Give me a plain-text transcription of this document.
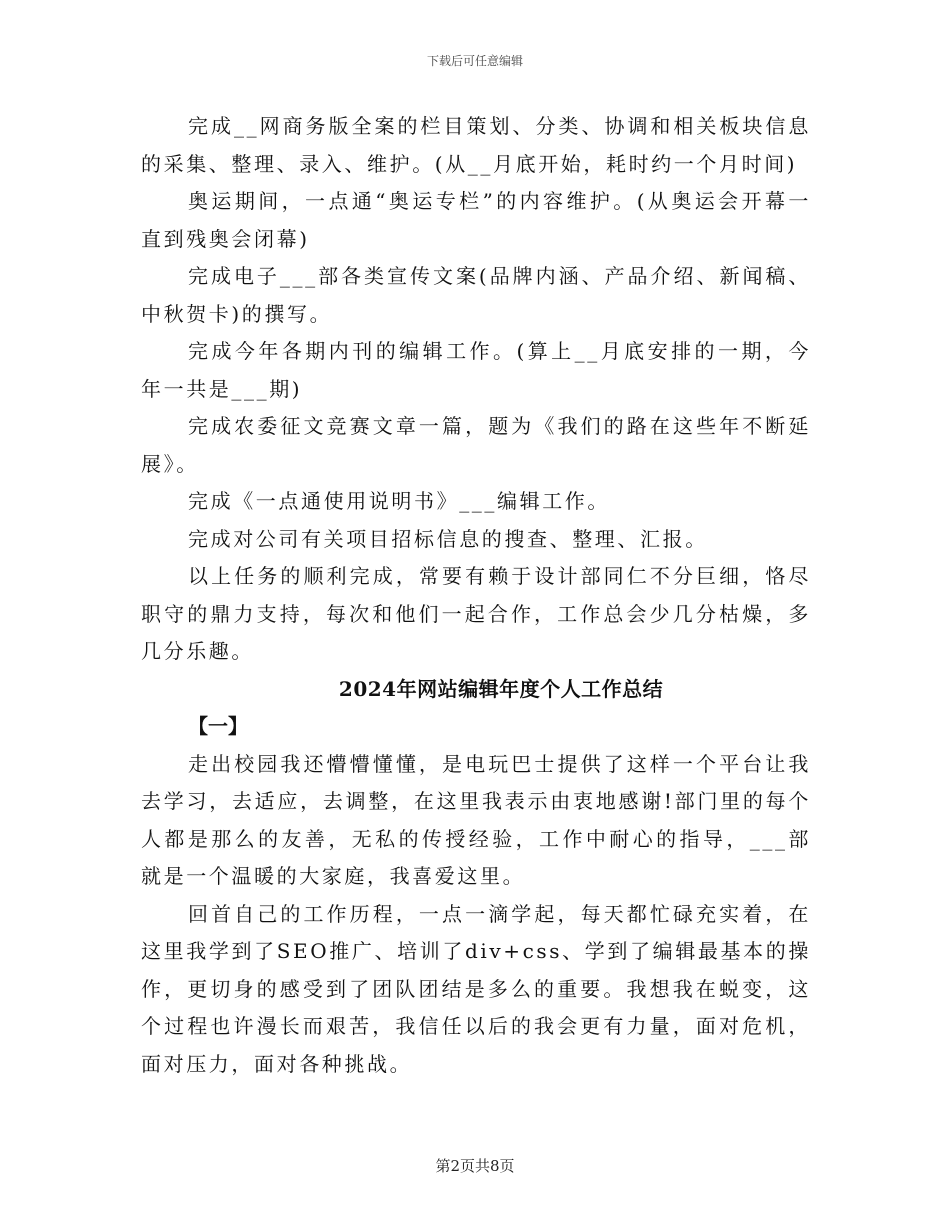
下载后可任意编辑

完成__网商务版全案的栏目策划、分类、协调和相关板块信息的采集、整理、录入、维护。(从__月底开始，耗时约一个月时间)

奥运期间，一点通“奥运专栏”的内容维护。(从奥运会开幕一直到残奥会闭幕)

完成电子___部各类宣传文案(品牌内涵、产品介绍、新闻稿、中秋贺卡)的撰写。

完成今年各期内刊的编辑工作。(算上__月底安排的一期，今年一共是___期)

完成农委征文竞赛文章一篇，题为《我们的路在这些年不断延展》。

完成《一点通使用说明书》___编辑工作。

完成对公司有关项目招标信息的搜查、整理、汇报。

以上任务的顺利完成，常要有赖于设计部同仁不分巨细，恪尽职守的鼎力支持，每次和他们一起合作，工作总会少几分枯燥，多几分乐趣。

2024年网站编辑年度个人工作总结
【一】

走出校园我还懵懵懂懂，是电玩巴士提供了这样一个平台让我去学习，去适应，去调整，在这里我表示由衷地感谢!部门里的每个人都是那么的友善，无私的传授经验，工作中耐心的指导，___部就是一个温暖的大家庭，我喜爱这里。

回首自己的工作历程，一点一滴学起，每天都忙碌充实着，在这里我学到了SEO推广、培训了div+css、学到了编辑最基本的操作，更切身的感受到了团队团结是多么的重要。我想我在蜕变，这个过程也许漫长而艰苦，我信任以后的我会更有力量，面对危机，面对压力，面对各种挑战。

第2页共8页
